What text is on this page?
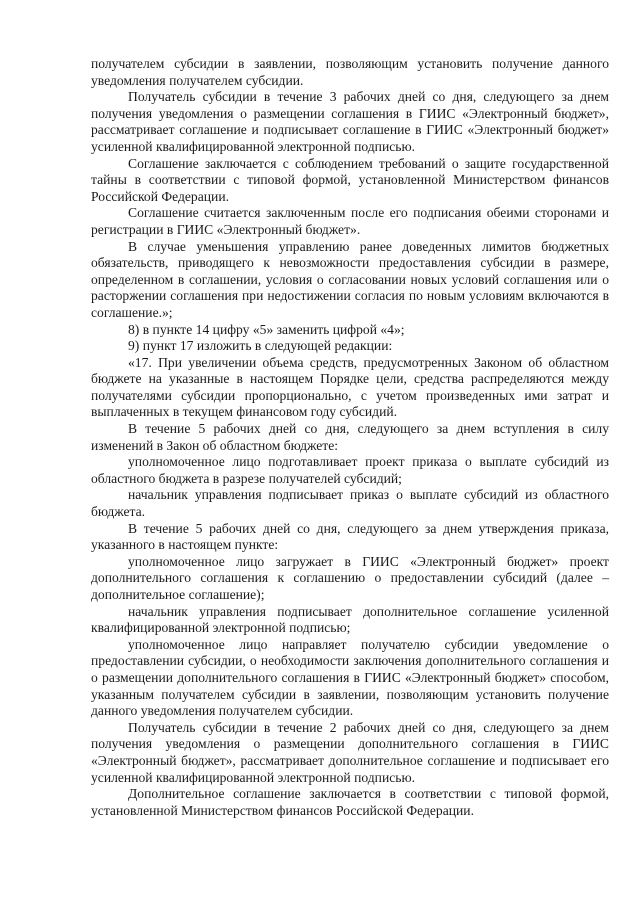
получателем субсидии в заявлении, позволяющим установить получение данного уведомления получателем субсидии.

Получатель субсидии в течение 3 рабочих дней со дня, следующего за днем получения уведомления о размещении соглашения в ГИИС «Электронный бюджет», рассматривает соглашение и подписывает соглашение в ГИИС «Электронный бюджет» усиленной квалифицированной электронной подписью.

Соглашение заключается с соблюдением требований о защите государственной тайны в соответствии с типовой формой, установленной Министерством финансов Российской Федерации.

Соглашение считается заключенным после его подписания обеими сторонами и регистрации в ГИИС «Электронный бюджет».

В случае уменьшения управлению ранее доведенных лимитов бюджетных обязательств, приводящего к невозможности предоставления субсидии в размере, определенном в соглашении, условия о согласовании новых условий соглашения или о расторжении соглашения при недостижении согласия по новым условиям включаются в соглашение.»;

8) в пункте 14 цифру «5» заменить цифрой «4»;

9) пункт 17 изложить в следующей редакции:

«17. При увеличении объема средств, предусмотренных Законом об областном бюджете на указанные в настоящем Порядке цели, средства распределяются между получателями субсидии пропорционально, с учетом произведенных ими затрат и выплаченных в текущем финансовом году субсидий.

В течение 5 рабочих дней со дня, следующего за днем вступления в силу изменений в Закон об областном бюджете:

уполномоченное лицо подготавливает проект приказа о выплате субсидий из областного бюджета в разрезе получателей субсидий;

начальник управления подписывает приказ о выплате субсидий из областного бюджета.

В течение 5 рабочих дней со дня, следующего за днем утверждения приказа, указанного в настоящем пункте:

уполномоченное лицо загружает в ГИИС «Электронный бюджет» проект дополнительного соглашения к соглашению о предоставлении субсидий (далее – дополнительное соглашение);

начальник управления подписывает дополнительное соглашение усиленной квалифицированной электронной подписью;

уполномоченное лицо направляет получателю субсидии уведомление о предоставлении субсидии, о необходимости заключения дополнительного соглашения и о размещении дополнительного соглашения в ГИИС «Электронный бюджет» способом, указанным получателем субсидии в заявлении, позволяющим установить получение данного уведомления получателем субсидии.

Получатель субсидии в течение 2 рабочих дней со дня, следующего за днем получения уведомления о размещении дополнительного соглашения в ГИИС «Электронный бюджет», рассматривает дополнительное соглашение и подписывает его усиленной квалифицированной электронной подписью.

Дополнительное соглашение заключается в соответствии с типовой формой, установленной Министерством финансов Российской Федерации.
